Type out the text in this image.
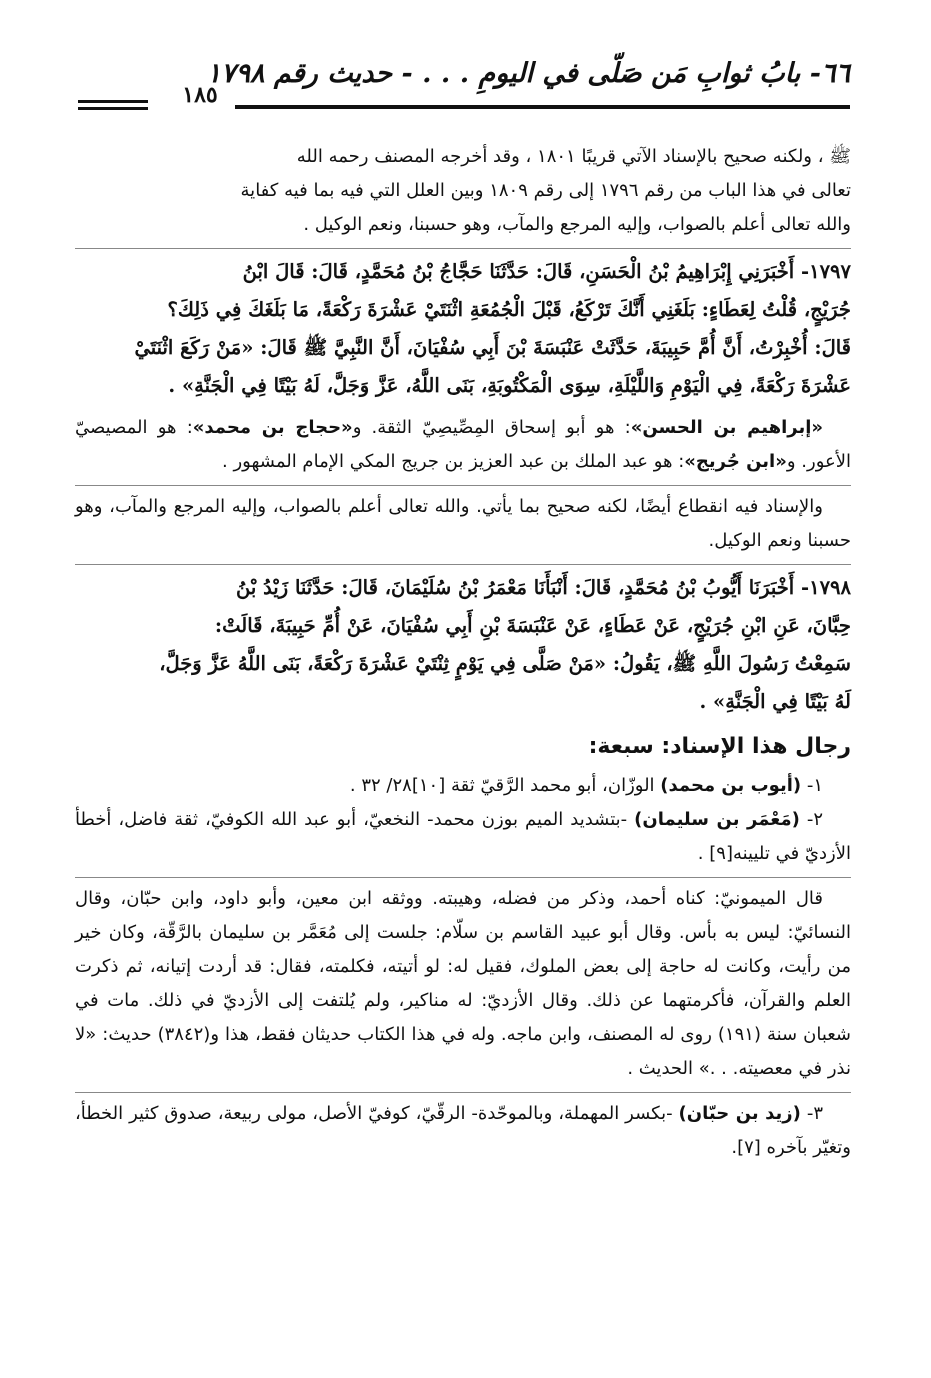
٦٦- بابُ ثوابِ مَن صَلّى في اليومِ . . . - حديث رقم ١٧٩٨
١٨٥

ﷺ ، ولكنه صحيح بالإسناد الآتي قريبًا ١٨٠١ ، وقد أخرجه المصنف رحمه الله

تعالى في هذا الباب من رقم ١٧٩٦ إلى رقم ١٨٠٩ وبين العلل التي فيه بما فيه كفاية

والله تعالى أعلم بالصواب، وإليه المرجع والمآب، وهو حسبنا، ونعم الوكيل .

١٧٩٧- أَخْبَرَنِي إِبْرَاهِيمُ بْنُ الْحَسَنِ، قَالَ: حَدَّثَنَا حَجَّاجُ بْنُ مُحَمَّدٍ، قَالَ: قَالَ ابْنُ

جُرَيْجٍ، قُلْتُ لِعَطَاءٍ: بَلَغَنِي أَنَّكَ تَرْكَعُ، قَبْلَ الْجُمُعَةِ اثْنَتَيْ عَشْرَةَ رَكْعَةً، مَا بَلَغَكَ فِي ذَلِكَ؟

قَالَ: أُخْبِرْتُ، أَنَّ أُمَّ حَبِيبَةَ، حَدَّثَتْ عَنْبَسَةَ بْنَ أَبِي سُفْيَانَ، أَنَّ النَّبِيَّ ﷺ قَالَ: «مَنْ رَكَعَ اثْنَتَيْ

عَشْرَةَ رَكْعَةً، فِي الْيَوْمِ وَاللَّيْلَةِ، سِوَى الْمَكْتُوبَةِ، بَنَى اللَّهُ، عَزَّ وَجَلَّ، لَهُ بَيْتًا فِي الْجَنَّةِ» .

«إبراهيم بن الحسن»: هو أبو إسحاق المِصِّيصِيّ الثقة. و«حجاج بن محمد»: هو المصيصيّ الأعور. و«ابن جُريج»: هو عبد الملك بن عبد العزيز بن جريج المكي الإمام المشهور .

والإسناد فيه انقطاع أيضًا، لكنه صحيح بما يأتي. والله تعالى أعلم بالصواب، وإليه المرجع والمآب، وهو حسبنا ونعم الوكيل.

١٧٩٨- أَخْبَرَنَا أَيُّوبُ بْنُ مُحَمَّدٍ، قَالَ: أَنْبَأَنَا مَعْمَرُ بْنُ سُلَيْمَانَ، قَالَ: حَدَّثَنَا زَيْدُ بْنُ

حِبَّانَ، عَنِ ابْنِ جُرَيْجٍ، عَنْ عَطَاءٍ، عَنْ عَنْبَسَةَ بْنِ أَبِي سُفْيَانَ، عَنْ أُمِّ حَبِيبَةَ، قَالَتْ:

سَمِعْتُ رَسُولَ اللَّهِ ﷺ، يَقُولُ: «مَنْ صَلَّى فِي يَوْمٍ ثِنْتَيْ عَشْرَةَ رَكْعَةً، بَنَى اللَّهُ عَزَّ وَجَلَّ،

لَهُ بَيْتًا فِي الْجَنَّةِ» .

رجال هذا الإسناد: سبعة:

١- (أيوب بن محمد) الوزّان، أبو محمد الرَّقيّ ثقة [١٠]٢٨/ ٣٢ .

٢- (مَعْمَر بن سليمان) -بتشديد الميم بوزن محمد- النخعيّ، أبو عبد الله الكوفيّ، ثقة فاضل، أخطأ الأزديّ في تليينه[٩] .

قال الميمونيّ: كناه أحمد، وذكر من فضله، وهيبته. ووثقه ابن معين، وأبو داود، وابن حبّان، وقال النسائيّ: ليس به بأس. وقال أبو عبيد القاسم بن سلّام: جلست إلى مُعَمَّر بن سليمان بالرَّقّة، وكان خير من رأيت، وكانت له حاجة إلى بعض الملوك، فقيل له: لو أتيته، فكلمته، فقال: قد أردت إتيانه، ثم ذكرت العلم والقرآن، فأكرمتهما عن ذلك. وقال الأزديّ: له مناكير، ولم يُلتفت إلى الأزديّ في ذلك. مات في شعبان سنة (١٩١) روى له المصنف، وابن ماجه. وله في هذا الكتاب حديثان فقط، هذا و(٣٨٤٢) حديث: «لا نذر في معصيته. . .» الحديث .

٣- (زيد بن حبّان) -بكسر المهملة، وبالموحّدة- الرقّيّ، كوفيّ الأصل، مولى ربيعة، صدوق كثير الخطأ، وتغيّر بآخره [٧].
